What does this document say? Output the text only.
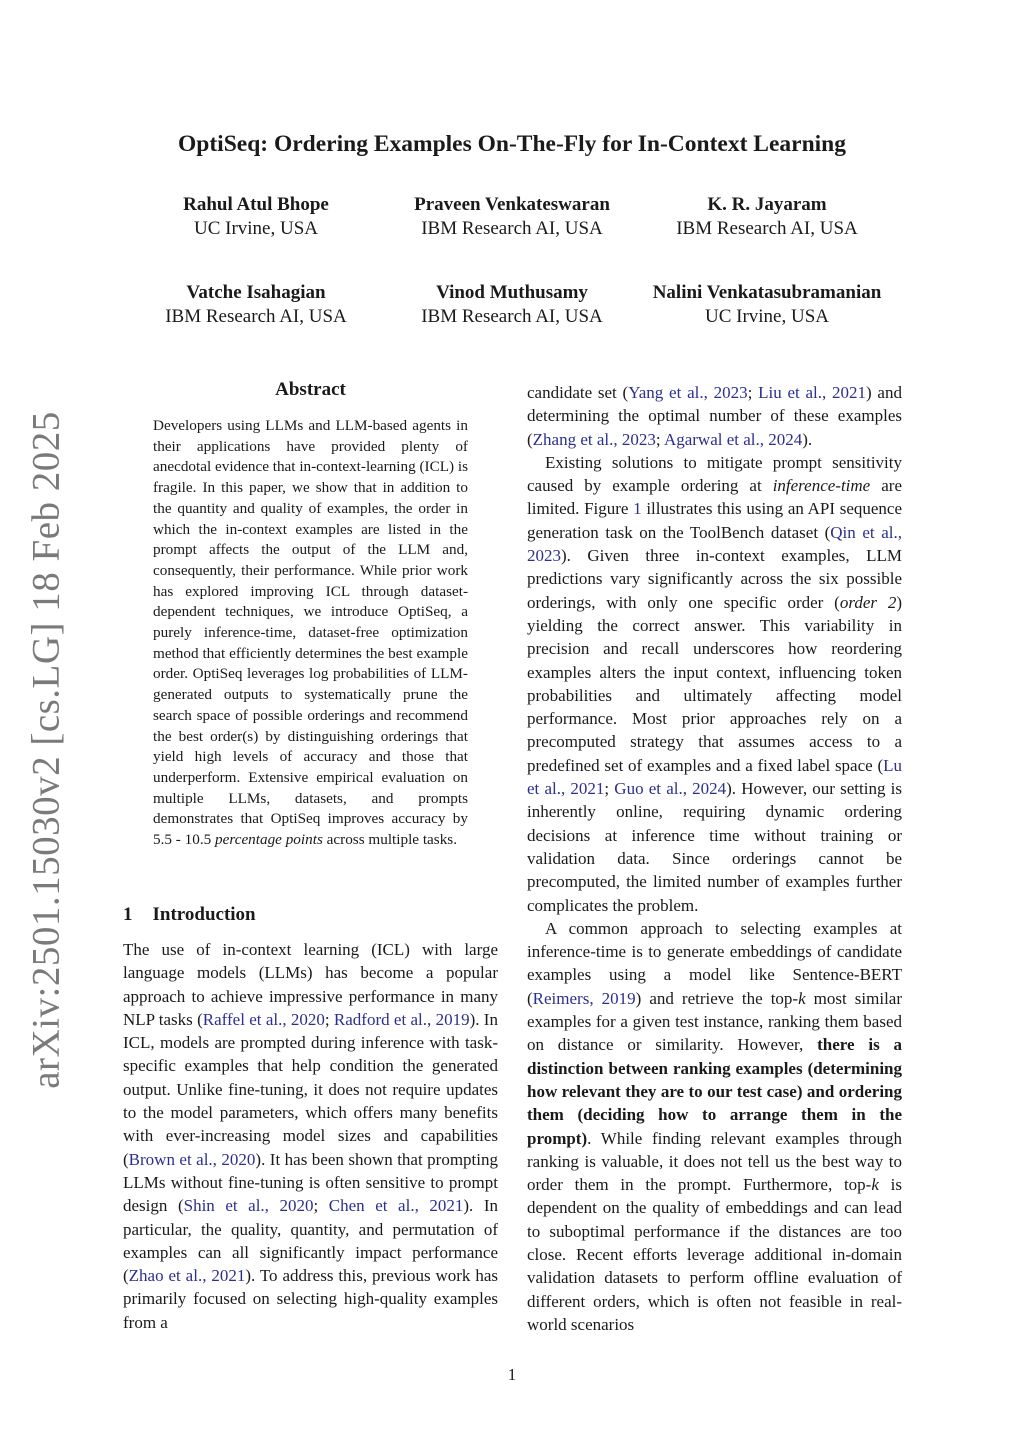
OptiSeq: Ordering Examples On-The-Fly for In-Context Learning
Rahul Atul Bhope
UC Irvine, USA
Praveen Venkateswaran
IBM Research AI, USA
K. R. Jayaram
IBM Research AI, USA
Vatche Isahagian
IBM Research AI, USA
Vinod Muthusamy
IBM Research AI, USA
Nalini Venkatasubramanian
UC Irvine, USA
arXiv:2501.15030v2 [cs.LG] 18 Feb 2025
Abstract

Developers using LLMs and LLM-based agents in their applications have provided plenty of anecdotal evidence that in-context-learning (ICL) is fragile. In this paper, we show that in addition to the quantity and quality of examples, the order in which the in-context examples are listed in the prompt affects the output of the LLM and, consequently, their performance. While prior work has explored improving ICL through dataset-dependent techniques, we introduce OptiSeq, a purely inference-time, dataset-free optimization method that efficiently determines the best example order. OptiSeq leverages log probabilities of LLM-generated outputs to systematically prune the search space of possible orderings and recommend the best order(s) by distinguishing orderings that yield high levels of accuracy and those that underperform. Extensive empirical evaluation on multiple LLMs, datasets, and prompts demonstrates that OptiSeq improves accuracy by 5.5 - 10.5 percentage points across multiple tasks.

1 Introduction

The use of in-context learning (ICL) with large language models (LLMs) has become a popular approach to achieve impressive performance in many NLP tasks (Raffel et al., 2020; Radford et al., 2019). In ICL, models are prompted during inference with task-specific examples that help condition the generated output. Unlike fine-tuning, it does not require updates to the model parameters, which offers many benefits with ever-increasing model sizes and capabilities (Brown et al., 2020). It has been shown that prompting LLMs without fine-tuning is often sensitive to prompt design (Shin et al., 2020; Chen et al., 2021). In particular, the quality, quantity, and permutation of examples can all significantly impact performance (Zhao et al., 2021). To address this, previous work has primarily focused on selecting high-quality examples from a

candidate set (Yang et al., 2023; Liu et al., 2021) and determining the optimal number of these examples (Zhang et al., 2023; Agarwal et al., 2024).

Existing solutions to mitigate prompt sensitivity caused by example ordering at inference-time are limited. Figure 1 illustrates this using an API sequence generation task on the ToolBench dataset (Qin et al., 2023). Given three in-context examples, LLM predictions vary significantly across the six possible orderings, with only one specific order (order 2) yielding the correct answer. This variability in precision and recall underscores how reordering examples alters the input context, influencing token probabilities and ultimately affecting model performance. Most prior approaches rely on a precomputed strategy that assumes access to a predefined set of examples and a fixed label space (Lu et al., 2021; Guo et al., 2024). However, our setting is inherently online, requiring dynamic ordering decisions at inference time without training or validation data. Since orderings cannot be precomputed, the limited number of examples further complicates the problem.

A common approach to selecting examples at inference-time is to generate embeddings of candidate examples using a model like Sentence-BERT (Reimers, 2019) and retrieve the top-k most similar examples for a given test instance, ranking them based on distance or similarity. However, there is a distinction between ranking examples (determining how relevant they are to our test case) and ordering them (deciding how to arrange them in the prompt). While finding relevant examples through ranking is valuable, it does not tell us the best way to order them in the prompt. Furthermore, top-k is dependent on the quality of embeddings and can lead to suboptimal performance if the distances are too close. Recent efforts leverage additional in-domain validation datasets to perform offline evaluation of different orders, which is often not feasible in real-world scenarios

1
